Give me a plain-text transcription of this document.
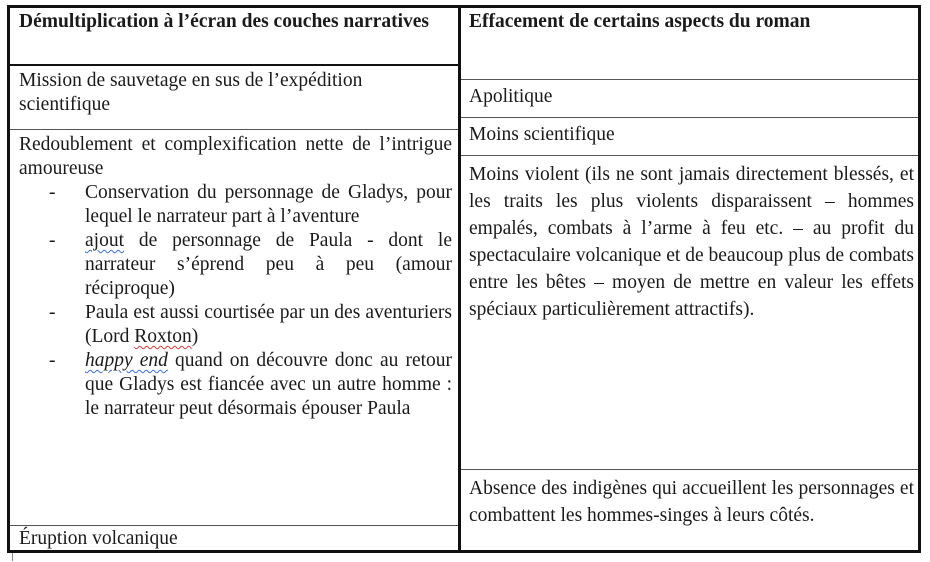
Démultiplication à l’écran des couches narratives
Mission de sauvetage en sus de l’expédition scientifique
Redoublement et complexification nette de l’intrigue amoureuse
- Conservation du personnage de Gladys, pour lequel le narrateur part à l’aventure
- ajout de personnage de Paula - dont le narrateur s’éprend peu à peu (amour réciproque)
- Paula est aussi courtisée par un des aventuriers (Lord Roxton)
- happy end quand on découvre donc au retour que Gladys est fiancée avec un autre homme : le narrateur peut désormais épouser Paula
Éruption volcanique
Effacement de certains aspects du roman
Apolitique
Moins scientifique
Moins violent (ils ne sont jamais directement blessés, et les traits les plus violents disparaissent – hommes empalés, combats à l’arme à feu etc. – au profit du spectaculaire volcanique et de beaucoup plus de combats entre les bêtes – moyen de mettre en valeur les effets spéciaux particulièrement attractifs).
Absence des indigènes qui accueillent les personnages et combattent les hommes-singes à leurs côtés.
